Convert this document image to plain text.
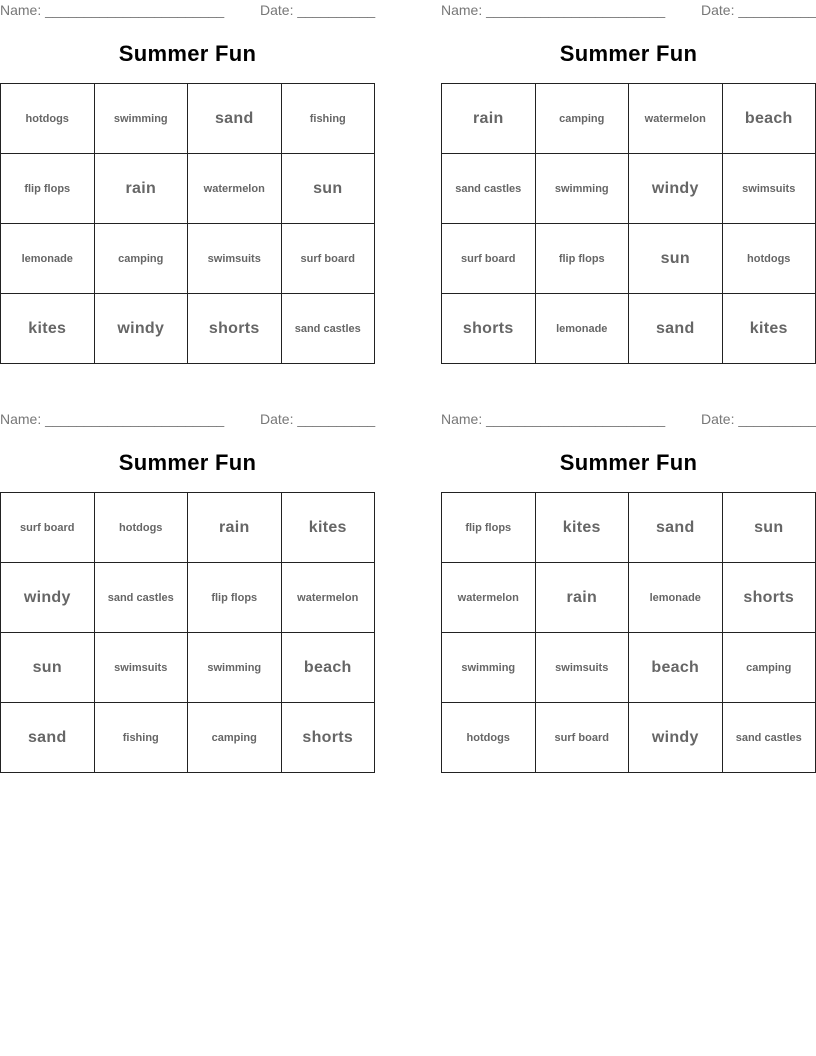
Name: _______________________	Date: __________
Summer Fun
hotdogs	swimming	sand	fishing
flip flops	rain	watermelon	sun
lemonade	camping	swimsuits	surf board
kites	windy	shorts	sand castles
Name: _______________________	Date: __________
Summer Fun
rain	camping	watermelon	beach
sand castles	swimming	windy	swimsuits
surf board	flip flops	sun	hotdogs
shorts	lemonade	sand	kites
Name: _______________________	Date: __________
Summer Fun
surf board	hotdogs	rain	kites
windy	sand castles	flip flops	watermelon
sun	swimsuits	swimming	beach
sand	fishing	camping	shorts
Name: _______________________	Date: __________
Summer Fun
flip flops	kites	sand	sun
watermelon	rain	lemonade	shorts
swimming	swimsuits	beach	camping
hotdogs	surf board	windy	sand castles
